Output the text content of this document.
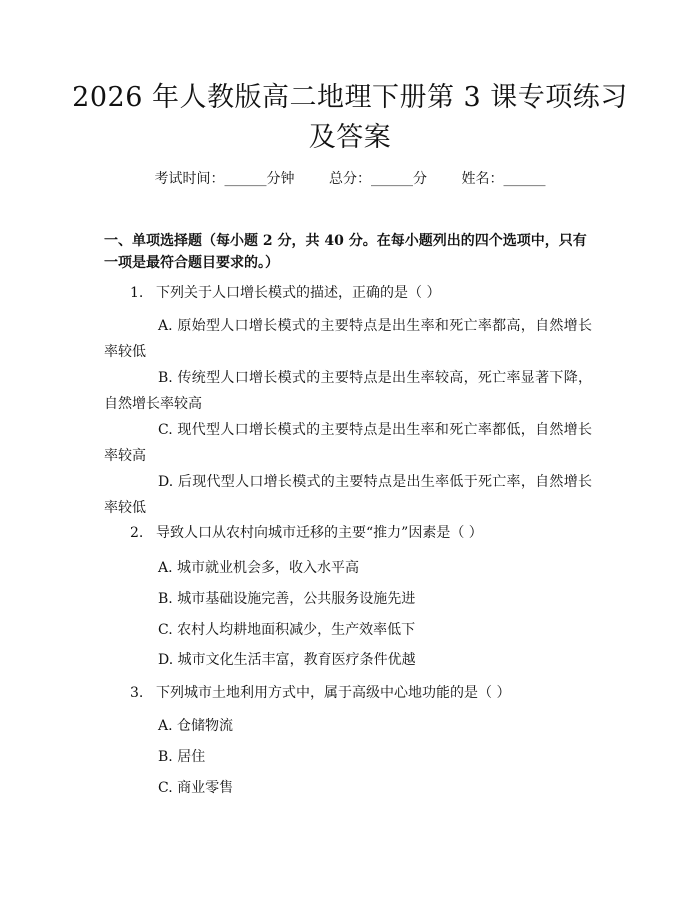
2026 年人教版高二地理下册第 3 课专项练习
及答案
考试时间：______分钟 总分：______分 姓名：______
一、单项选择题（每小题 2 分，共 40 分。在每小题列出的四个选项中，只有一项是最符合题目要求的。）
1. 下列关于人口增长模式的描述，正确的是（ ）
A. 原始型人口增长模式的主要特点是出生率和死亡率都高，自然增长率较低
B. 传统型人口增长模式的主要特点是出生率较高，死亡率显著下降，自然增长率较高
C. 现代型人口增长模式的主要特点是出生率和死亡率都低，自然增长率较高
D. 后现代型人口增长模式的主要特点是出生率低于死亡率，自然增长率较低
2. 导致人口从农村向城市迁移的主要“推力”因素是（ ）
A. 城市就业机会多，收入水平高
B. 城市基础设施完善，公共服务设施先进
C. 农村人均耕地面积减少，生产效率低下
D. 城市文化生活丰富，教育医疗条件优越
3. 下列城市土地利用方式中，属于高级中心地功能的是（ ）
A. 仓储物流
B. 居住
C. 商业零售
